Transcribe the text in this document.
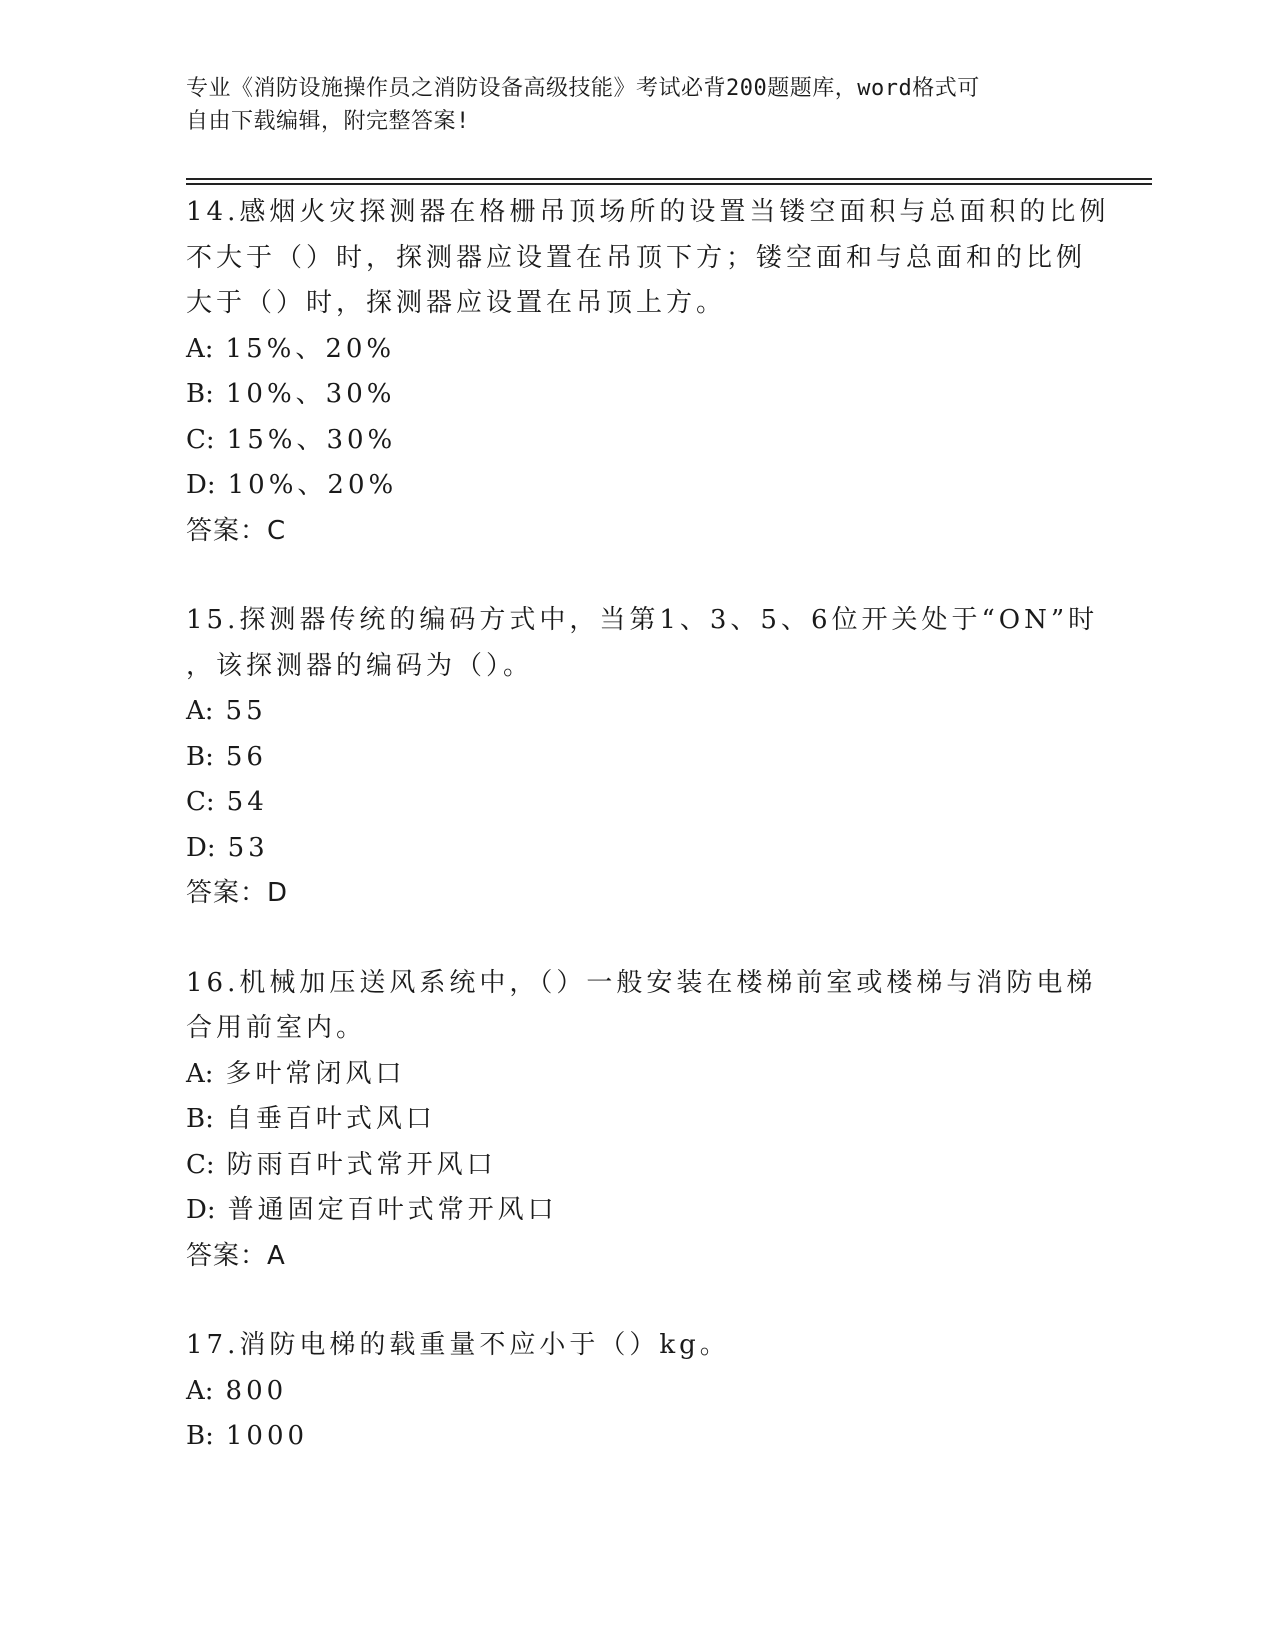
专业《消防设施操作员之消防设备高级技能》考试必背200题题库，word格式可
自由下载编辑，附完整答案!

14.感烟火灾探测器在格栅吊顶场所的设置当镂空面积与总面积的比例

不大于（）时，探测器应设置在吊顶下方；镂空面和与总面和的比例

大于（）时，探测器应设置在吊顶上方。

A: 15%、20%

B: 10%、30%

C: 15%、30%

D: 10%、20%

答案：C

15.探测器传统的编码方式中，当第1、3、5、6位开关处于“ON”时

，该探测器的编码为（）。

A: 55

B: 56

C: 54

D: 53

答案：D

16.机械加压送风系统中，（）一般安装在楼梯前室或楼梯与消防电梯

合用前室内。

A: 多叶常闭风口

B: 自垂百叶式风口

C: 防雨百叶式常开风口

D: 普通固定百叶式常开风口

答案：A

17.消防电梯的载重量不应小于（）kg。

A: 800

B: 1000
